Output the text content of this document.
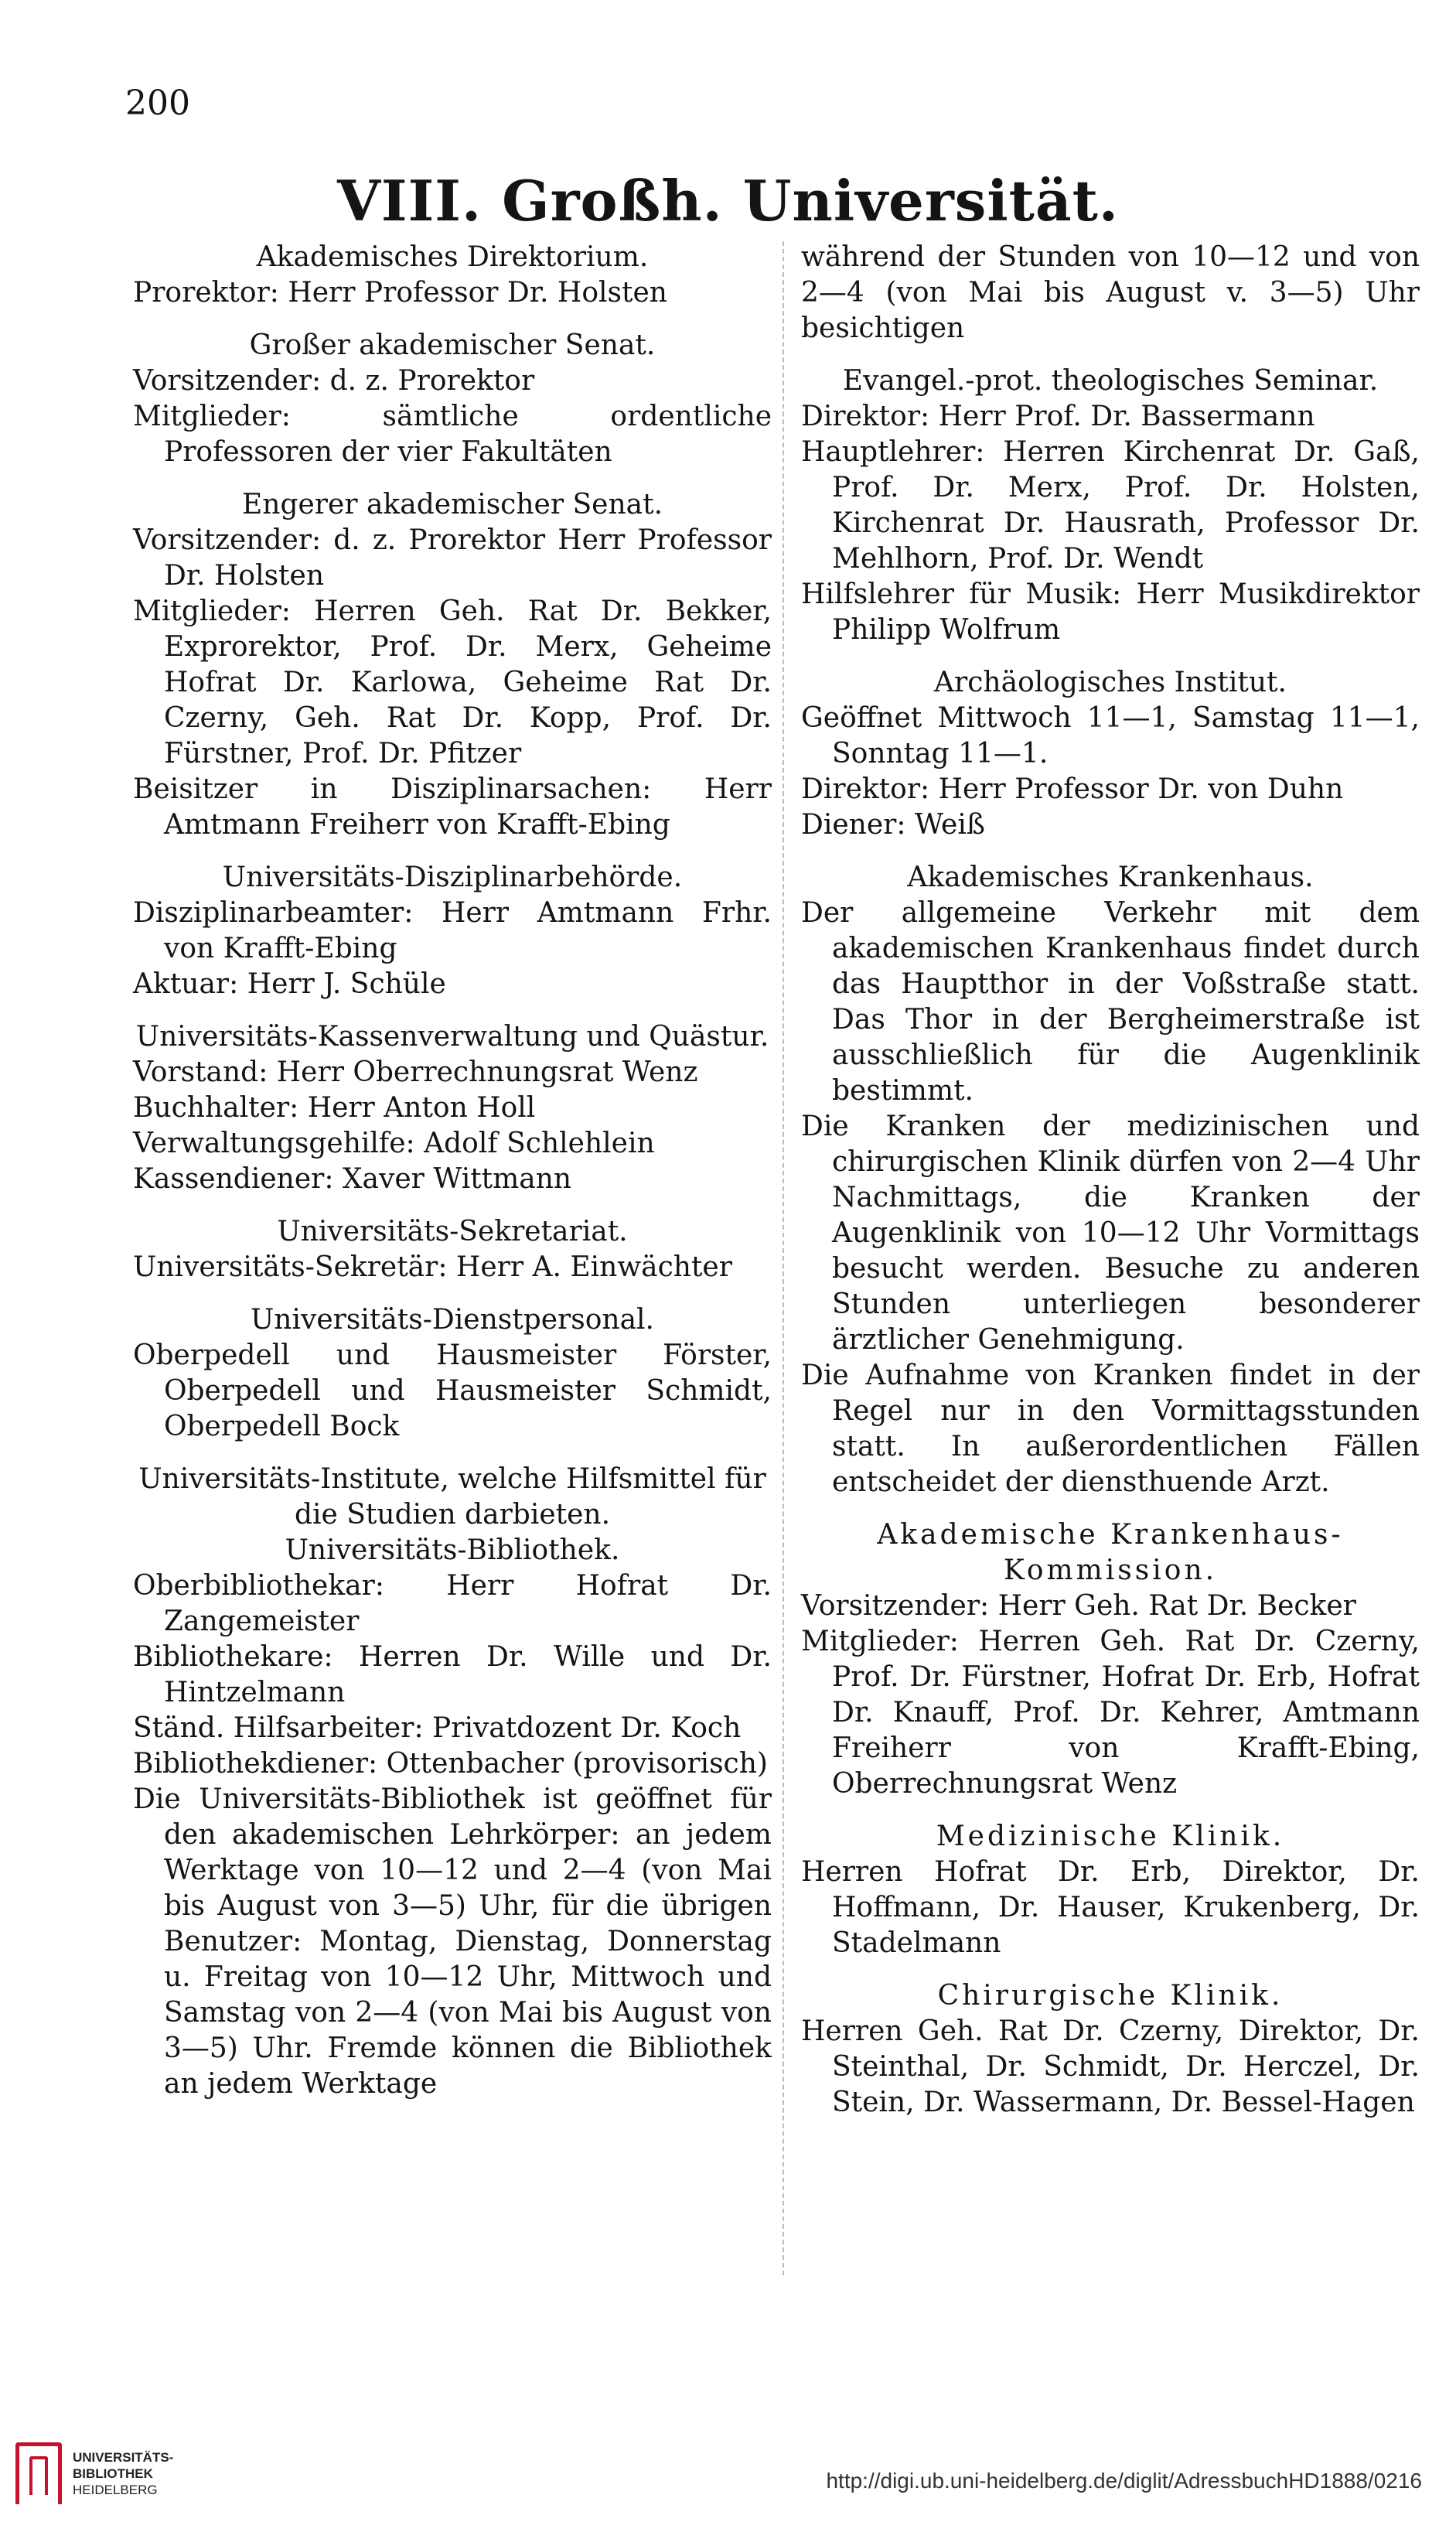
200
VIII. Großh. Universität.
Akademisches Direktorium.
Prorektor: Herr Professor Dr. Holsten
Großer akademischer Senat.
Vorsitzender: d. z. Prorektor
Mitglieder: sämtliche ordentliche Professoren der vier Fakultäten
Engerer akademischer Senat.
Vorsitzender: d. z. Prorektor Herr Professor Dr. Holsten
Mitglieder: Herren Geh. Rat Dr. Bekker, Exprorektor, Prof. Dr. Merx, Geheime Hofrat Dr. Karlowa, Geheime Rat Dr. Czerny, Geh. Rat Dr. Kopp, Prof. Dr. Fürstner, Prof. Dr. Pfitzer
Beisitzer in Disziplinarsachen: Herr Amtmann Freiherr von Krafft-Ebing
Universitäts-Disziplinarbehörde.
Disziplinarbeamter: Herr Amtmann Frhr. von Krafft-Ebing
Aktuar: Herr J. Schüle
Universitäts-Kassenverwaltung und Quästur.
Vorstand: Herr Oberrechnungsrat Wenz
Buchhalter: Herr Anton Holl
Verwaltungsgehilfe: Adolf Schlehlein
Kassendiener: Xaver Wittmann
Universitäts-Sekretariat.
Universitäts-Sekretär: Herr A. Einwächter
Universitäts-Dienstpersonal.
Oberpedell und Hausmeister Förster, Oberpedell und Hausmeister Schmidt, Oberpedell Bock
Universitäts-Institute, welche Hilfsmittel für die Studien darbieten.
Universitäts-Bibliothek.
Oberbibliothekar: Herr Hofrat Dr. Zangemeister
Bibliothekare: Herren Dr. Wille und Dr. Hintzelmann
Ständ. Hilfsarbeiter: Privatdozent Dr. Koch
Bibliothekdiener: Ottenbacher (provisorisch)
Die Universitäts-Bibliothek ist geöffnet für den akademischen Lehrkörper: an jedem Werktage von 10—12 und 2—4 (von Mai bis August von 3—5) Uhr, für die übrigen Benutzer: Montag, Dienstag, Donnerstag u. Freitag von 10—12 Uhr, Mittwoch und Samstag von 2—4 (von Mai bis August von 3—5) Uhr. Fremde können die Bibliothek an jedem Werktage
während der Stunden von 10—12 und von 2—4 (von Mai bis August v. 3—5) Uhr besichtigen
Evangel.-prot. theologisches Seminar.
Direktor: Herr Prof. Dr. Bassermann
Hauptlehrer: Herren Kirchenrat Dr. Gaß, Prof. Dr. Merx, Prof. Dr. Holsten, Kirchenrat Dr. Hausrath, Professor Dr. Mehlhorn, Prof. Dr. Wendt
Hilfslehrer für Musik: Herr Musikdirektor Philipp Wolfrum
Archäologisches Institut.
Geöffnet Mittwoch 11—1, Samstag 11—1, Sonntag 11—1.
Direktor: Herr Professor Dr. von Duhn
Diener: Weiß
Akademisches Krankenhaus.
Der allgemeine Verkehr mit dem akademischen Krankenhaus findet durch das Hauptthor in der Voßstraße statt. Das Thor in der Bergheimerstraße ist ausschließlich für die Augenklinik bestimmt.
Die Kranken der medizinischen und chirurgischen Klinik dürfen von 2—4 Uhr Nachmittags, die Kranken der Augenklinik von 10—12 Uhr Vormittags besucht werden. Besuche zu anderen Stunden unterliegen besonderer ärztlicher Genehmigung.
Die Aufnahme von Kranken findet in der Regel nur in den Vormittagsstunden statt. In außerordentlichen Fällen entscheidet der diensthuende Arzt.
Akademische Krankenhaus-Kommission.
Vorsitzender: Herr Geh. Rat Dr. Becker
Mitglieder: Herren Geh. Rat Dr. Czerny, Prof. Dr. Fürstner, Hofrat Dr. Erb, Hofrat Dr. Knauff, Prof. Dr. Kehrer, Amtmann Freiherr von Krafft-Ebing, Oberrechnungsrat Wenz
Medizinische Klinik.
Herren Hofrat Dr. Erb, Direktor, Dr. Hoffmann, Dr. Hauser, Krukenberg, Dr. Stadelmann
Chirurgische Klinik.
Herren Geh. Rat Dr. Czerny, Direktor, Dr. Steinthal, Dr. Schmidt, Dr. Herczel, Dr. Stein, Dr. Wassermann, Dr. Bessel-Hagen
UNIVERSITÄTS-
BIBLIOTHEK
HEIDELBERG	http://digi.ub.uni-heidelberg.de/diglit/AdressbuchHD1888/0216
